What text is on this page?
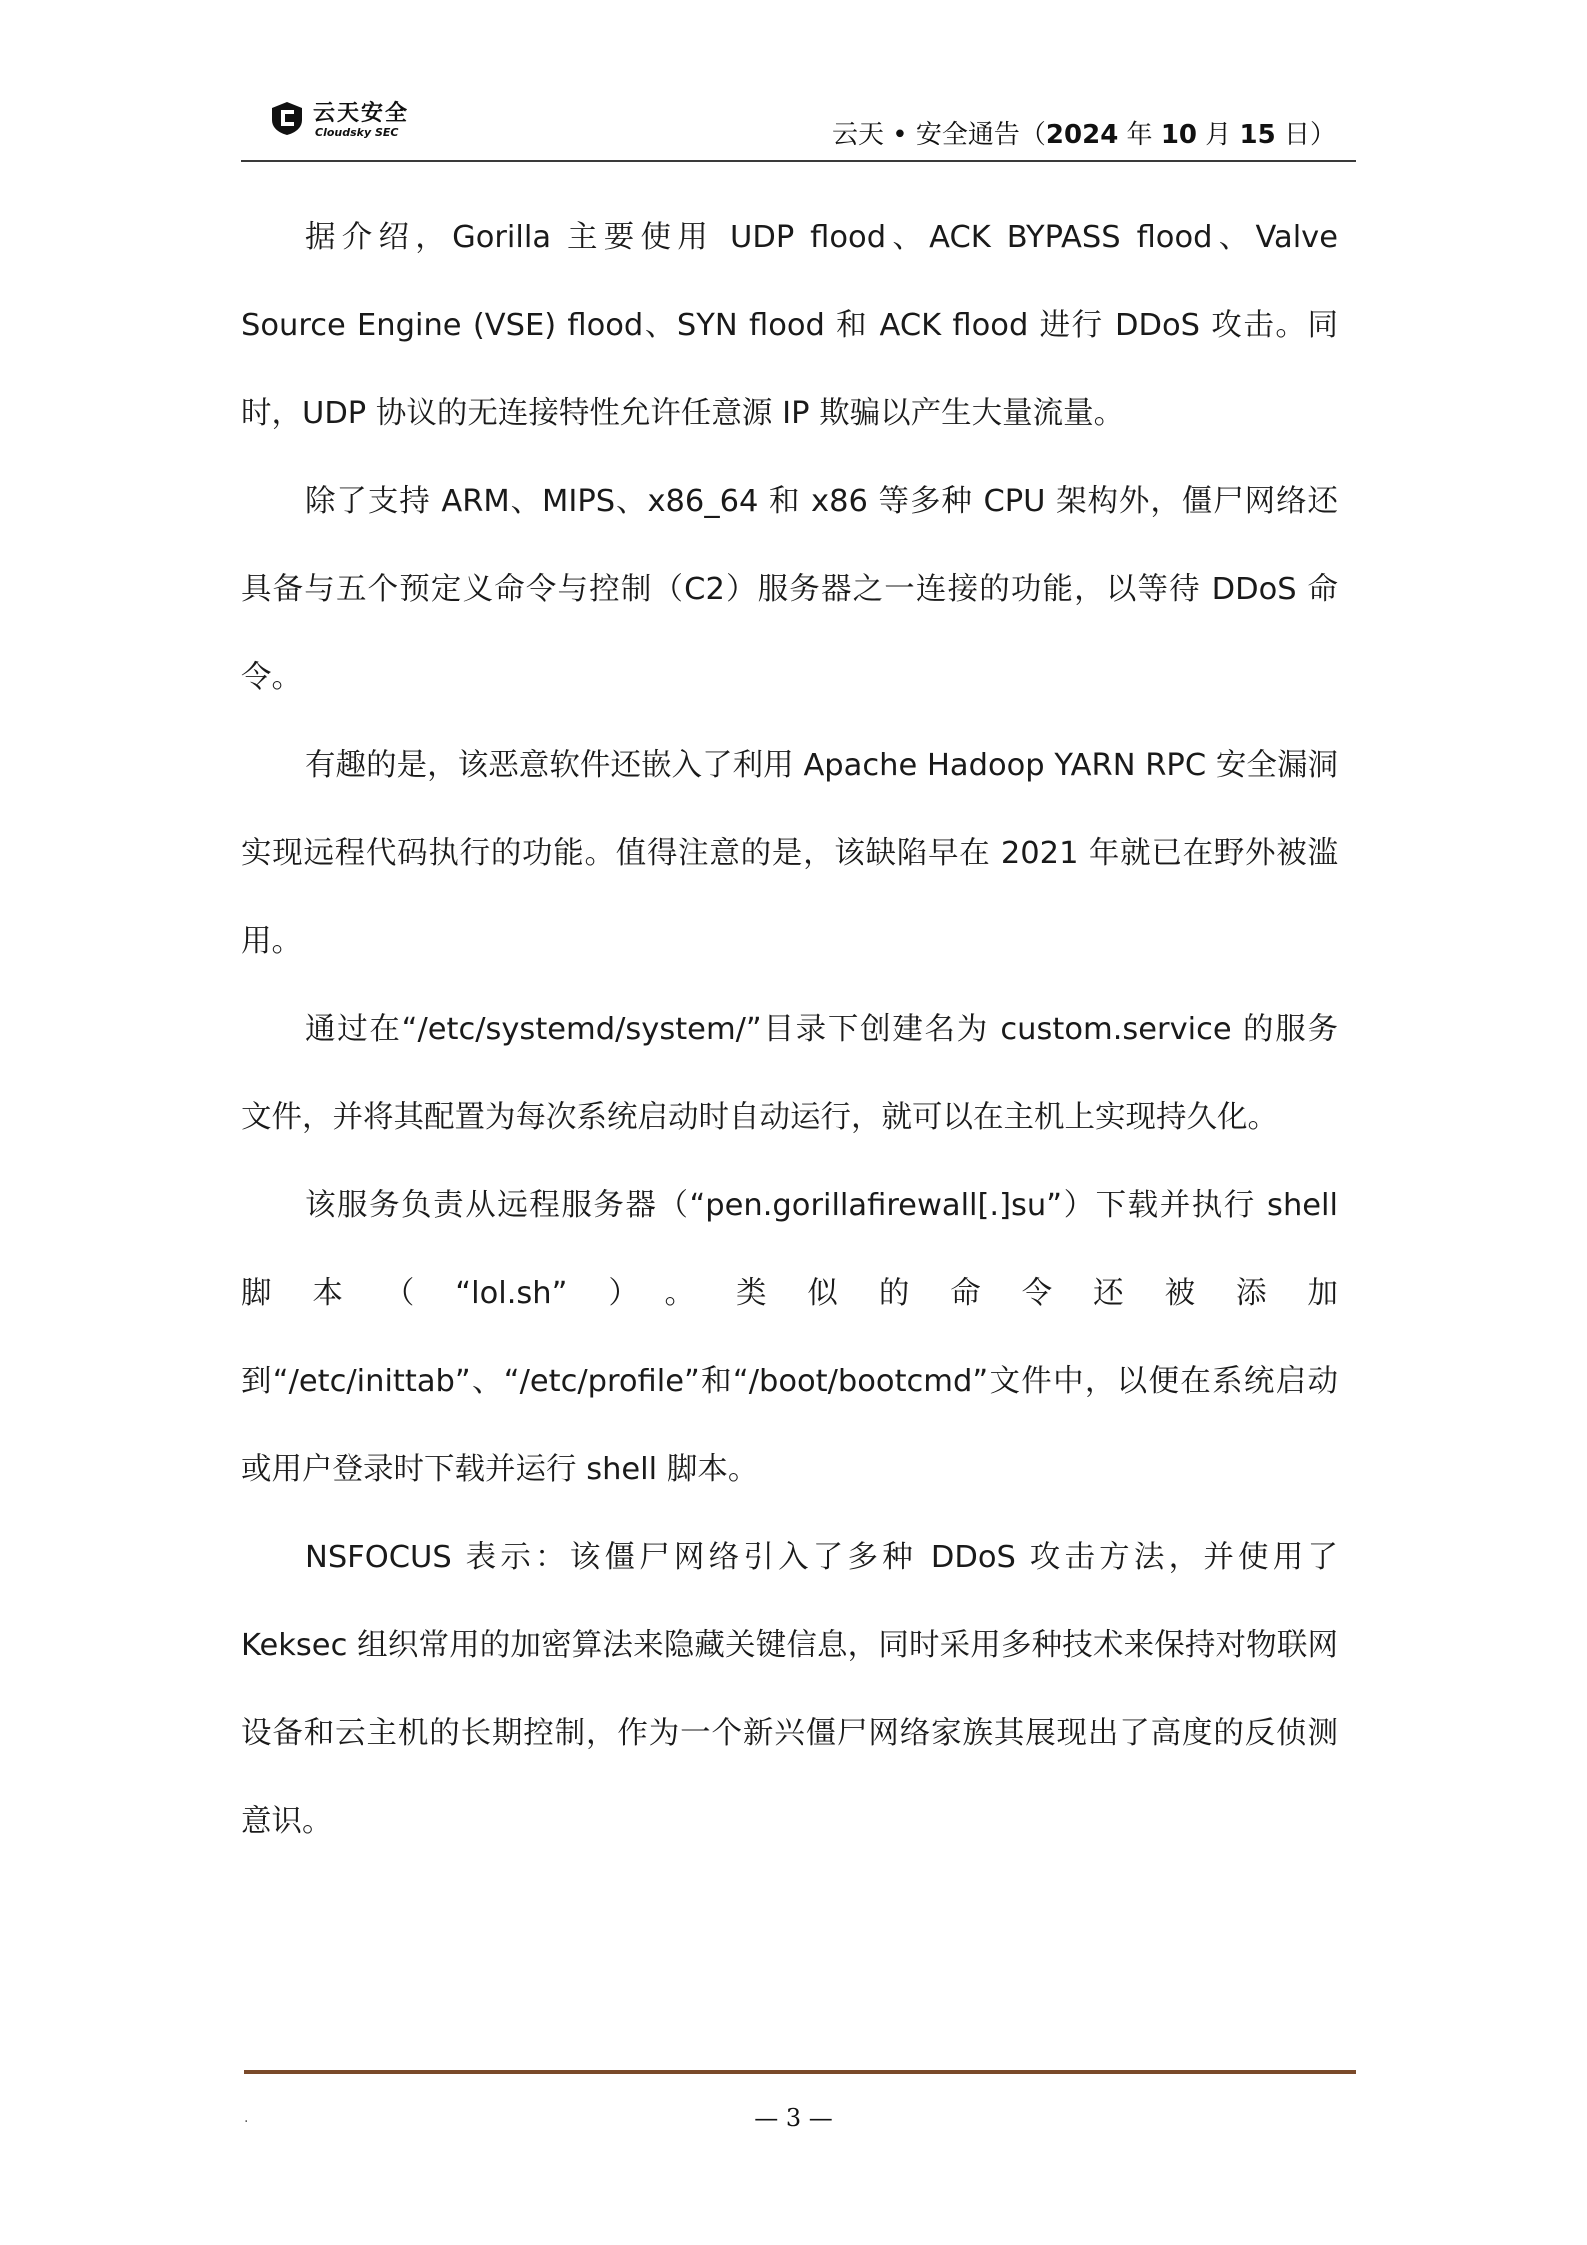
云天安全
Cloudsky SEC	云天 • 安全通告（2024 年 10 月 15 日）

据介绍，Gorilla 主要使用 UDP flood、ACK BYPASS flood、Valve Source Engine (VSE) flood、SYN flood 和 ACK flood 进行 DDoS 攻击。同时，UDP 协议的无连接特性允许任意源 IP 欺骗以产生大量流量。

除了支持 ARM、MIPS、x86_64 和 x86 等多种 CPU 架构外，僵尸网络还具备与五个预定义命令与控制（C2）服务器之一连接的功能，以等待 DDoS 命令。

有趣的是，该恶意软件还嵌入了利用 Apache Hadoop YARN RPC 安全漏洞实现远程代码执行的功能。值得注意的是，该缺陷早在 2021 年就已在野外被滥用。

通过在“/etc/systemd/system/”目录下创建名为 custom.service 的服务文件，并将其配置为每次系统启动时自动运行，就可以在主机上实现持久化。

该服务负责从远程服务器（“pen.gorillafirewall[.]su”）下载并执行 shell 脚本（“lol.sh”）。类似的命令还被添加到“/etc/inittab”、“/etc/profile”和“/boot/bootcmd”文件中，以便在系统启动或用户登录时下载并运行 shell 脚本。

NSFOCUS 表示：该僵尸网络引入了多种 DDoS 攻击方法，并使用了 Keksec 组织常用的加密算法来隐藏关键信息，同时采用多种技术来保持对物联网设备和云主机的长期控制，作为一个新兴僵尸网络家族其展现出了高度的反侦测意识。

.	— 3 —
